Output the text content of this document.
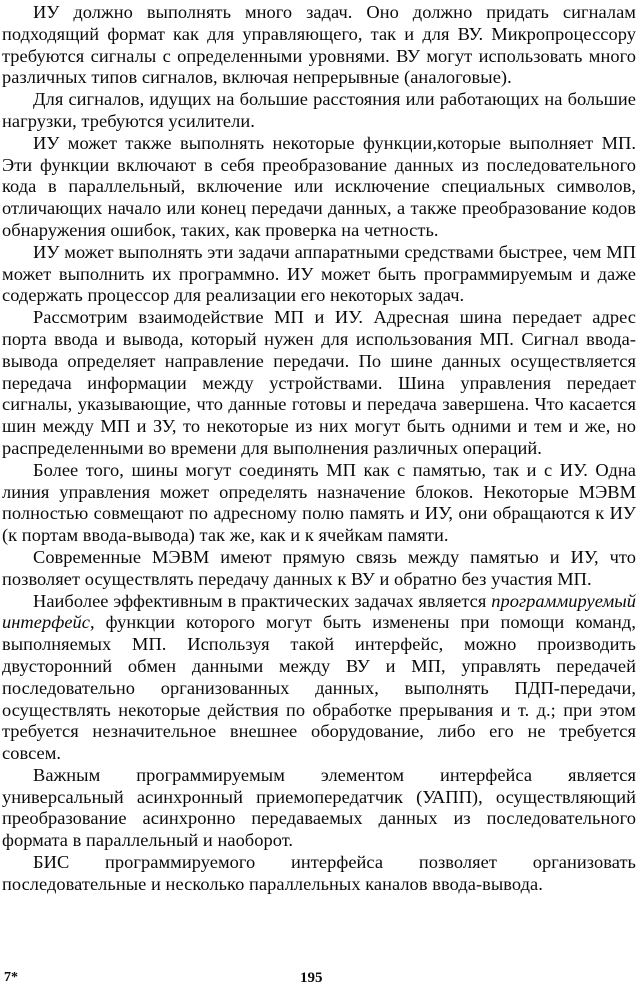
ИУ должно выполнять много задач. Оно должно придать сигналам подходящий формат как для управляющего, так и для ВУ. Микропроцессору требуются сигналы с определенными уровнями. ВУ могут использовать много различных типов сигналов, включая непрерывные (аналоговые).

Для сигналов, идущих на большие расстояния или работающих на большие нагрузки, требуются усилители.

ИУ может также выполнять некоторые функции,которые выполняет МП. Эти функции включают в себя преобразование данных из последовательного кода в параллельный, включение или исключение специальных символов, отличающих начало или конец передачи данных, а также преобразование кодов обнаружения ошибок, таких, как проверка на четность.

ИУ может выполнять эти задачи аппаратными средствами быстрее, чем МП может выполнить их программно. ИУ может быть программируемым и даже содержать процессор для реализации его некоторых задач.

Рассмотрим взаимодействие МП и ИУ. Адресная шина передает адрес порта ввода и вывода, который нужен для использования МП. Сигнал ввода-вывода определяет направление передачи. По шине данных осуществляется передача информации между устройствами. Шина управления передает сигналы, указывающие, что данные готовы и передача завершена. Что касается шин между МП и ЗУ, то некоторые из них могут быть одними и тем и же, но распределенными во времени для выполнения различных операций.

Более того, шины могут соединять МП как с памятью, так и с ИУ. Одна линия управления может определять назначение блоков. Некоторые МЭВМ полностью совмещают по адресному полю память и ИУ, они обращаются к ИУ (к портам ввода-вывода) так же, как и к ячейкам памяти.

Современные МЭВМ имеют прямую связь между памятью и ИУ, что позволяет осуществлять передачу данных к ВУ и обратно без участия МП.

Наиболее эффективным в практических задачах является программируемый интерфейс, функции которого могут быть изменены при помощи команд, выполняемых МП. Используя такой интерфейс, можно производить двусторонний обмен данными между ВУ и МП, управлять передачей последовательно организованных данных, выполнять ПДП-передачи, осуществлять некоторые действия по обработке прерывания и т. д.; при этом требуется незначительное внешнее оборудование, либо его не требуется совсем.

Важным программируемым элементом интерфейса является универсальный асинхронный приемопередатчик (УАПП), осуществляющий преобразование асинхронно передаваемых данных из последовательного формата в параллельный и наоборот.

БИС программируемого интерфейса позволяет организовать последовательные и несколько параллельных каналов ввода-вывода.

7*	195
